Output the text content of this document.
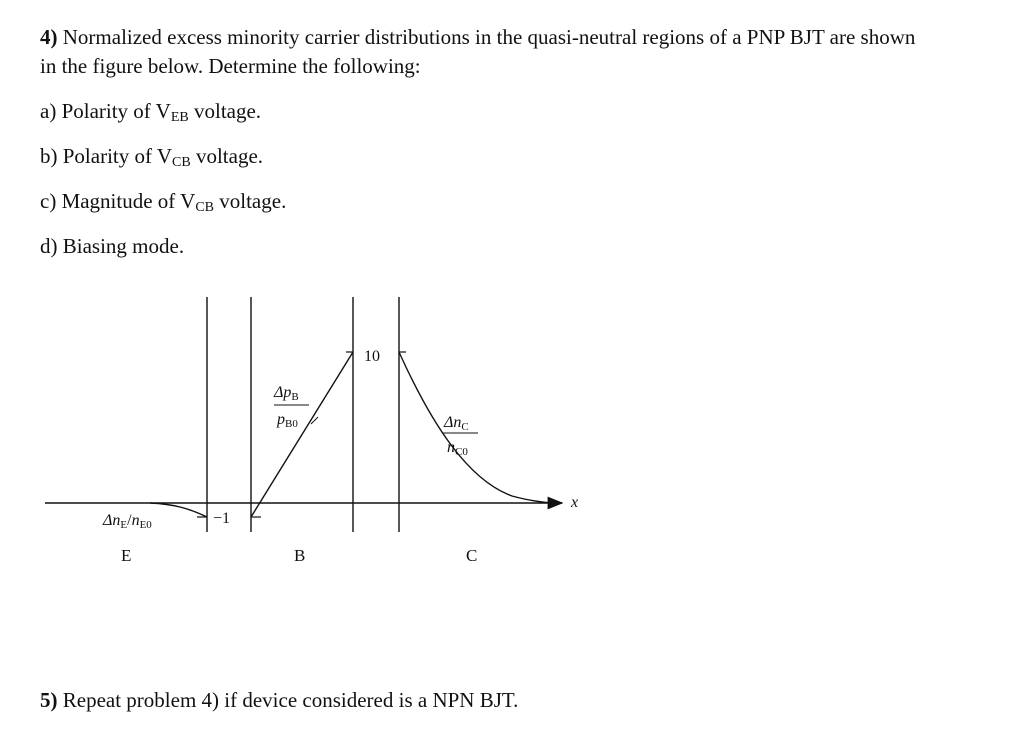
4) Normalized excess minority carrier distributions in the quasi-neutral regions of a PNP BJT are shown
in the figure below. Determine the following:
a) Polarity of $V_{EB}$ voltage.
b) Polarity of $V_{CB}$ voltage.
c) Magnitude of $V_{CB}$ voltage.
d) Biasing mode.
10
−1
x
ΔnE/nE0
ΔpB
pB0	ΔnC
nC0
E	B	C
5) Repeat problem 4) if device considered is a NPN BJT.
